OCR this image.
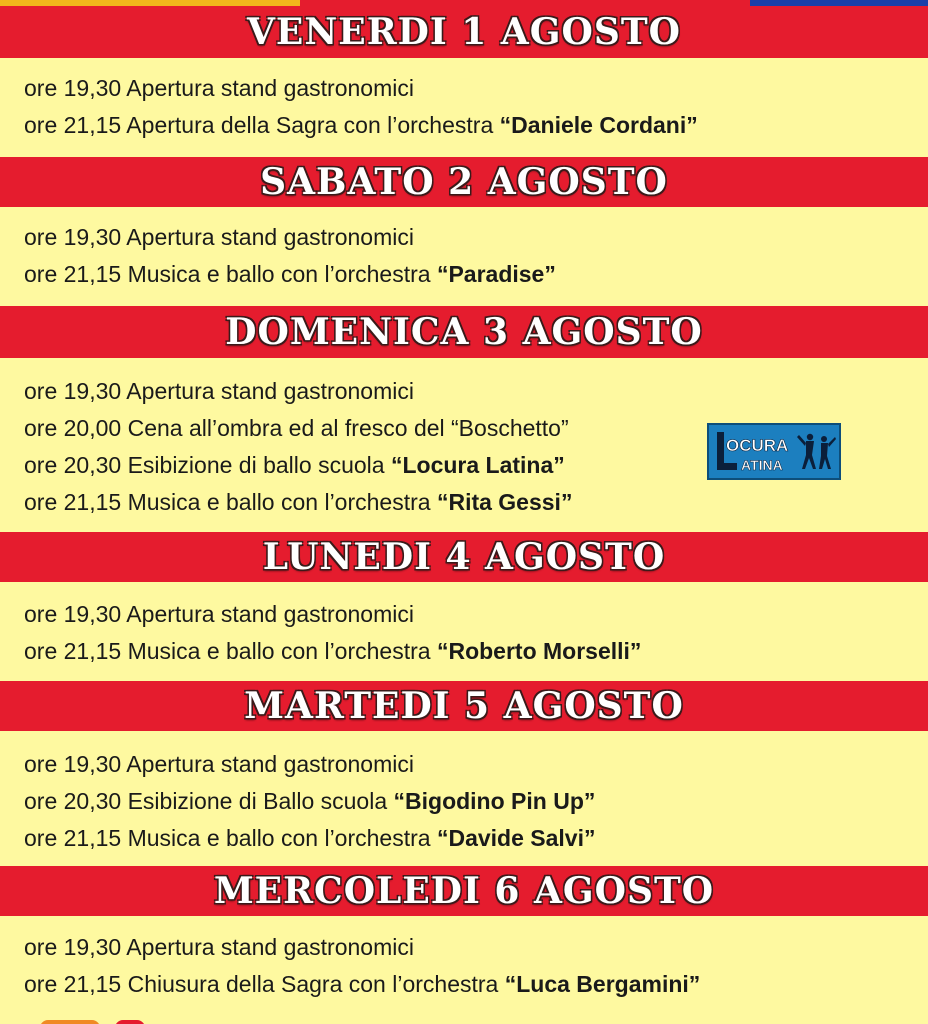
VENERDI 1 AGOSTO
ore 19,30 Apertura stand gastronomici
ore 21,15 Apertura della Sagra con l’orchestra “Daniele Cordani”
SABATO 2 AGOSTO
ore 19,30 Apertura stand gastronomici
ore 21,15 Musica e ballo con l’orchestra “Paradise”
DOMENICA 3 AGOSTO
ore 19,30 Apertura stand gastronomici
ore 20,00 Cena all’ombra ed al fresco del “Boschetto”
ore 20,30 Esibizione di ballo scuola “Locura Latina”
ore 21,15 Musica e ballo con l’orchestra “Rita Gessi”
OCURA
ATINA
LUNEDI 4 AGOSTO
ore 19,30 Apertura stand gastronomici
ore 21,15 Musica e ballo con l’orchestra “Roberto Morselli”
MARTEDI 5 AGOSTO
ore 19,30 Apertura stand gastronomici
ore 20,30 Esibizione di Ballo scuola “Bigodino Pin Up”
ore 21,15 Musica e ballo con l’orchestra “Davide Salvi”
MERCOLEDI 6 AGOSTO
ore 19,30 Apertura stand gastronomici
ore 21,15 Chiusura della Sagra con l’orchestra “Luca Bergamini”
